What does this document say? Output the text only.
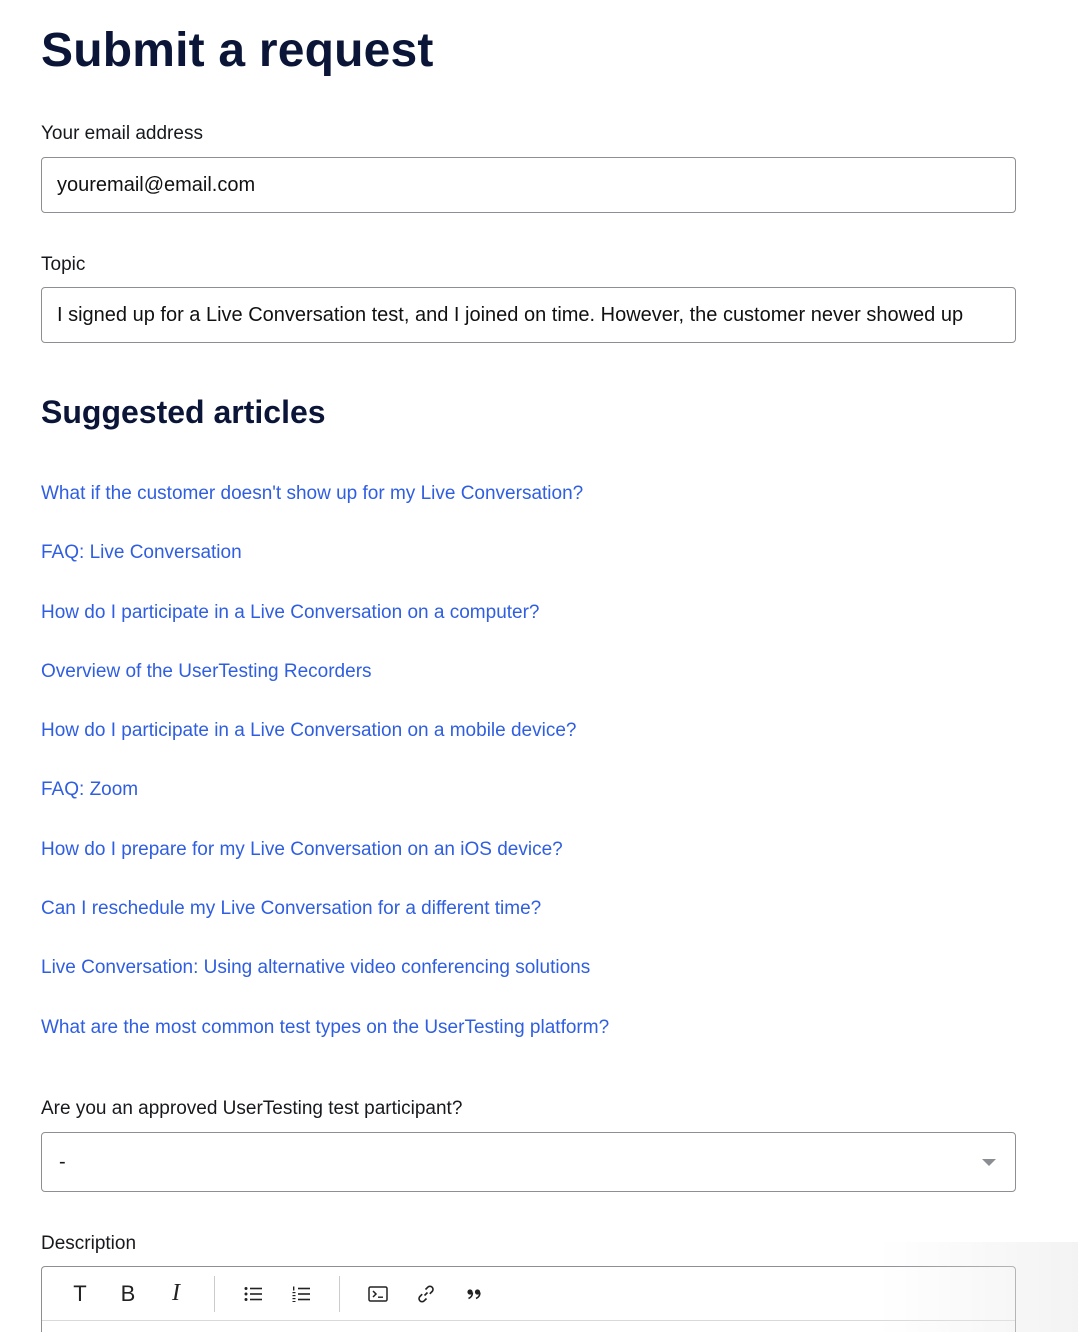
Submit a request
Your email address
youremail@email.com
Topic
I signed up for a Live Conversation test, and I joined on time. However, the customer never showed up
Suggested articles
What if the customer doesn't show up for my Live Conversation?
FAQ: Live Conversation
How do I participate in a Live Conversation on a computer?
Overview of the UserTesting Recorders
How do I participate in a Live Conversation on a mobile device?
FAQ: Zoom
How do I prepare for my Live Conversation on an iOS device?
Can I reschedule my Live Conversation for a different time?
Live Conversation: Using alternative video conferencing solutions
What are the most common test types on the UserTesting platform?
Are you an approved UserTesting test participant?
-
Description
T B I
